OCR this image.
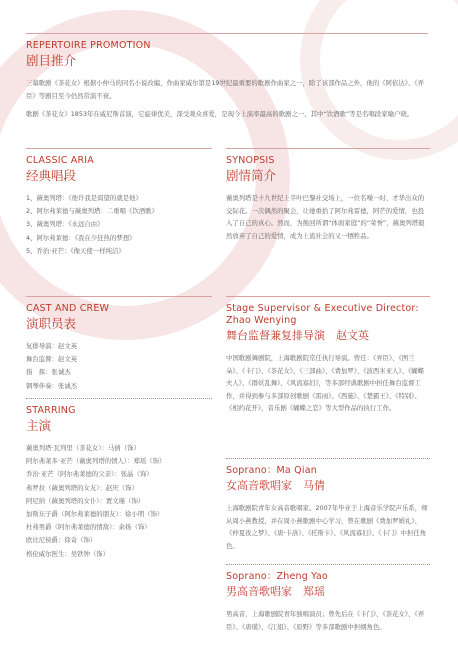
REPERTOIRE PROMOTION
剧目推介

三幕歌剧《茶花女》根据小仲马的同名小说改编，作曲家威尔第是19世纪最重要的歌剧作曲家之一，除了该部作品之外，他的《阿依达》、《弄臣》等剧目至今仍然常演不衰。

歌剧《茶花女》1853年在威尼斯首演，它旋律优美，深受观众喜爱，是现今上演率最高的歌剧之一，其中“饮酒歌”等是名唱段家喻户晓。

CLASSIC ARIA
经典唱段
1、薇奥列塔：《他许我是渴望的就是他》
2、阿尔弗莱德与薇奥列塔：二重唱《饮酒歌》
3、薇奥列塔：《永远自由》
4、阿尔弗莱德：《我在少狂热的梦想》
5、乔治·亚芒：《像天使一样纯洁》
SYNOPSIS
剧情简介

薇奥列塔是十九世纪上半叶巴黎社交场上，一位名噪一时、才华出众的交际花。一次偶然的聚会，让她重拾了阿尔弗雷德，阿芒的爱情，也投入了自己的真心。然而，为挽回所谓“体面家庭”的“荣誉”，薇奥列塔毅然放弃了自己的爱情，成为上流社会的又一牺牲品。

CAST AND CREW
演职员表
复排导演：赵文英
舞台监督：赵文英
指　挥：张诚杰
钢琴伴奏：张诚杰
Stage Supervisor & Executive Director:
Zhao Wenying
舞台监督兼复排导演　赵文英

中国歌剧舞剧院，上海歌剧院常任执行导演。曾任：《弄臣》、《图兰朵》、《卡门》、《茶花女》、《三部曲》、《费加罗》、《波西米亚人》、《蝴蝶夫人》、《群妖乱舞》、《风流寡妇》，等多部经典歌剧中担任舞台监督工作，并得到参与多部原创歌剧《雷雨》、《西施》、《楚霸王》、《特别》、《相约花开》，音乐剧《蝴蝶之恋》等大型作品的执行工作。

STARRING
主演
薇奥列塔·瓦列里（茶花女）：马倩（饰）
阿尔弗莱多·亚芒（薇奥列塔的情人）：郑瑶（饰）
乔治·亚芒（阿尔弗莱德的父亲）：张晶（饰）
弗罗拉（薇奥列塔的女友）：赵庆（饰）
阿尼纳（薇奥列塔的女仆）：贾文瑾（饰）
加斯东子爵（阿尔弗莱德的朋友）：徐小明（饰）
杜弗男爵（阿尔弗莱德的情敌）：余扬（饰）
欧比尼侯爵：徐奇（饰）
格伦威尔医生：吴铁钟（饰）
Soprano：Ma Qian
女高音歌唱家　马倩

上海歌剧院青年女高音歌唱家。2007年毕业于上海音乐学院声乐系，师从周小燕教授，并在周小燕歌剧中心学习，曾在歌剧《费加罗婚礼》、《仲夏夜之梦》、《唐·卡洛》、《托斯卡》、《风流寡妇》、《卡门》中担任角色。

Soprano：Zheng Yao
男高音歌唱家　郑瑶

男高音，上海歌剧院青年独唱演员；曾先后在《卡门》、《茶花女》、《弄臣》、《唐璜》、《江姐》、《原野》等多部歌剧中担纲角色。
